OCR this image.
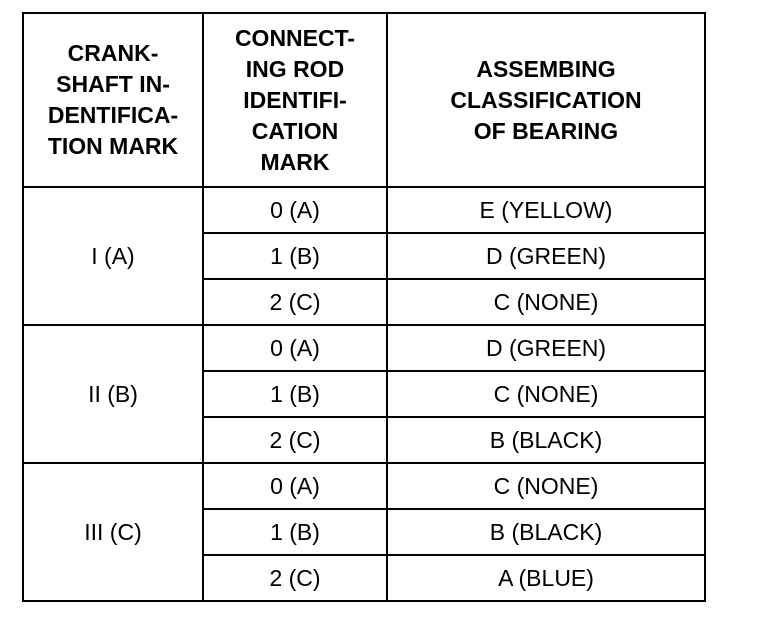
CRANK-
SHAFT IN-
DENTIFICA-
TION MARK	CONNECT-
ING ROD
IDENTIFI-
CATION
MARK	ASSEMBING
CLASSIFICATION
OF BEARING
I (A)	0 (A)	E (YELLOW)
	1 (B)	D (GREEN)
	2 (C)	C (NONE)
II (B)	0 (A)	D (GREEN)
	1 (B)	C (NONE)
	2 (C)	B (BLACK)
III (C)	0 (A)	C (NONE)
	1 (B)	B (BLACK)
	2 (C)	A (BLUE)
